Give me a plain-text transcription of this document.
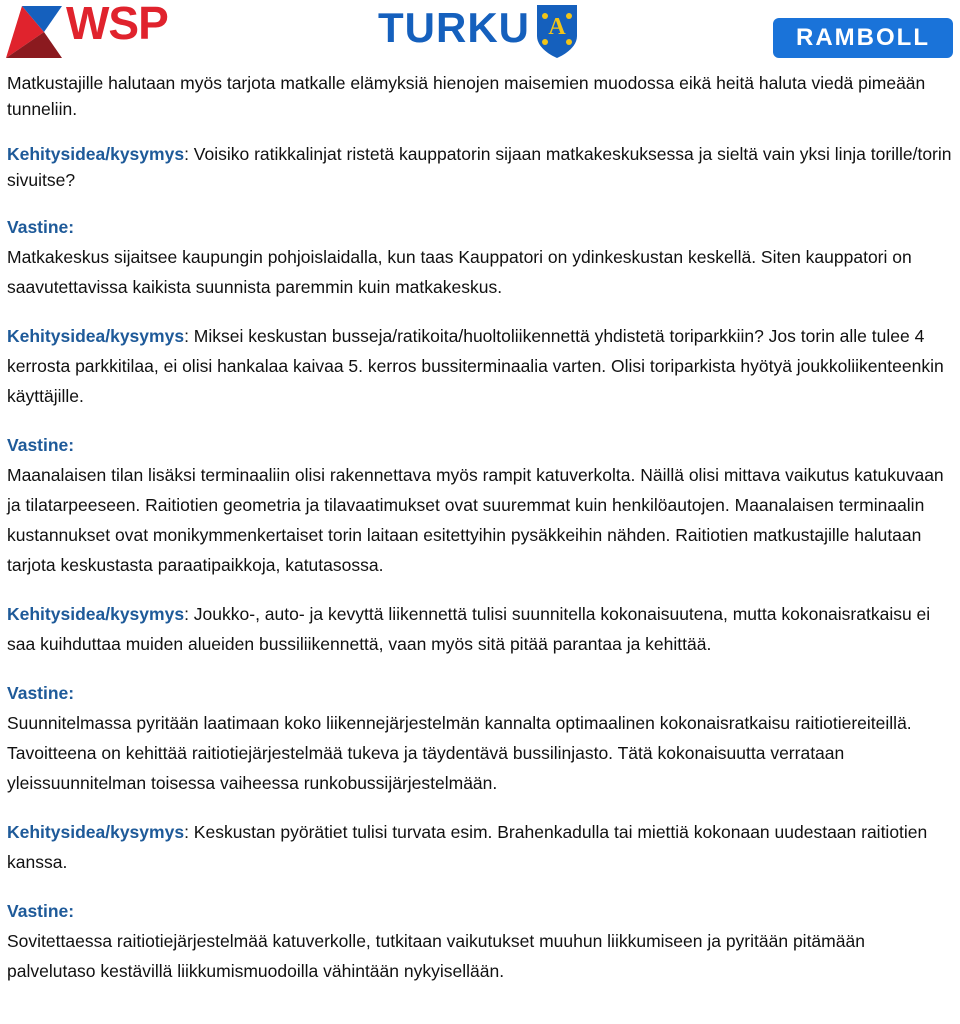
WSP	TURKU A	RAMBOLL

Matkustajille halutaan myös tarjota matkalle elämyksiä hienojen maisemien muodossa eikä heitä haluta viedä pimeään tunneliin.

Kehitysidea/kysymys: Voisiko ratikkalinjat ristetä kauppatorin sijaan matkakeskuksessa ja sieltä vain yksi linja torille/torin sivuitse?

Vastine:
Matkakeskus sijaitsee kaupungin pohjoislaidalla, kun taas Kauppatori on ydinkeskustan keskellä. Siten kauppatori on saavutettavissa kaikista suunnista paremmin kuin matkakeskus.

Kehitysidea/kysymys: Miksei keskustan busseja/ratikoita/huoltoliikennettä yhdistetä toriparkkiin? Jos torin alle tulee 4 kerrosta parkkitilaa, ei olisi hankalaa kaivaa 5. kerros bussiterminaalia varten. Olisi toriparkista hyötyä joukkoliikenteenkin käyttäjille.

Vastine:
Maanalaisen tilan lisäksi terminaaliin olisi rakennettava myös rampit katuverkolta. Näillä olisi mittava vaikutus katukuvaan ja tilatarpeeseen. Raitiotien geometria ja tilavaatimukset ovat suuremmat kuin henkilöautojen. Maanalaisen terminaalin kustannukset ovat monikymmenkertaiset torin laitaan esitettyihin pysäkkeihin nähden. Raitiotien matkustajille halutaan tarjota keskustasta paraatipaikkoja, katutasossa.

Kehitysidea/kysymys: Joukko-, auto- ja kevyttä liikennettä tulisi suunnitella kokonaisuutena, mutta kokonaisratkaisu ei saa kuihduttaa muiden alueiden bussiliikennettä, vaan myös sitä pitää parantaa ja kehittää.

Vastine:
Suunnitelmassa pyritään laatimaan koko liikennejärjestelmän kannalta optimaalinen kokonaisratkaisu raitiotiereiteillä. Tavoitteena on kehittää raitiotiejärjestelmää tukeva ja täydentävä bussilinjasto. Tätä kokonaisuutta verrataan yleissuunnitelman toisessa vaiheessa runkobussijärjestelmään.

Kehitysidea/kysymys: Keskustan pyörätiet tulisi turvata esim. Brahenkadulla tai miettiä kokonaan uudestaan raitiotien kanssa.

Vastine:
Sovitettaessa raitiotiejärjestelmää katuverkolle, tutkitaan vaikutukset muuhun liikkumiseen ja pyritään pitämään palvelutaso kestävillä liikkumismuodoilla vähintään nykyisellään.
